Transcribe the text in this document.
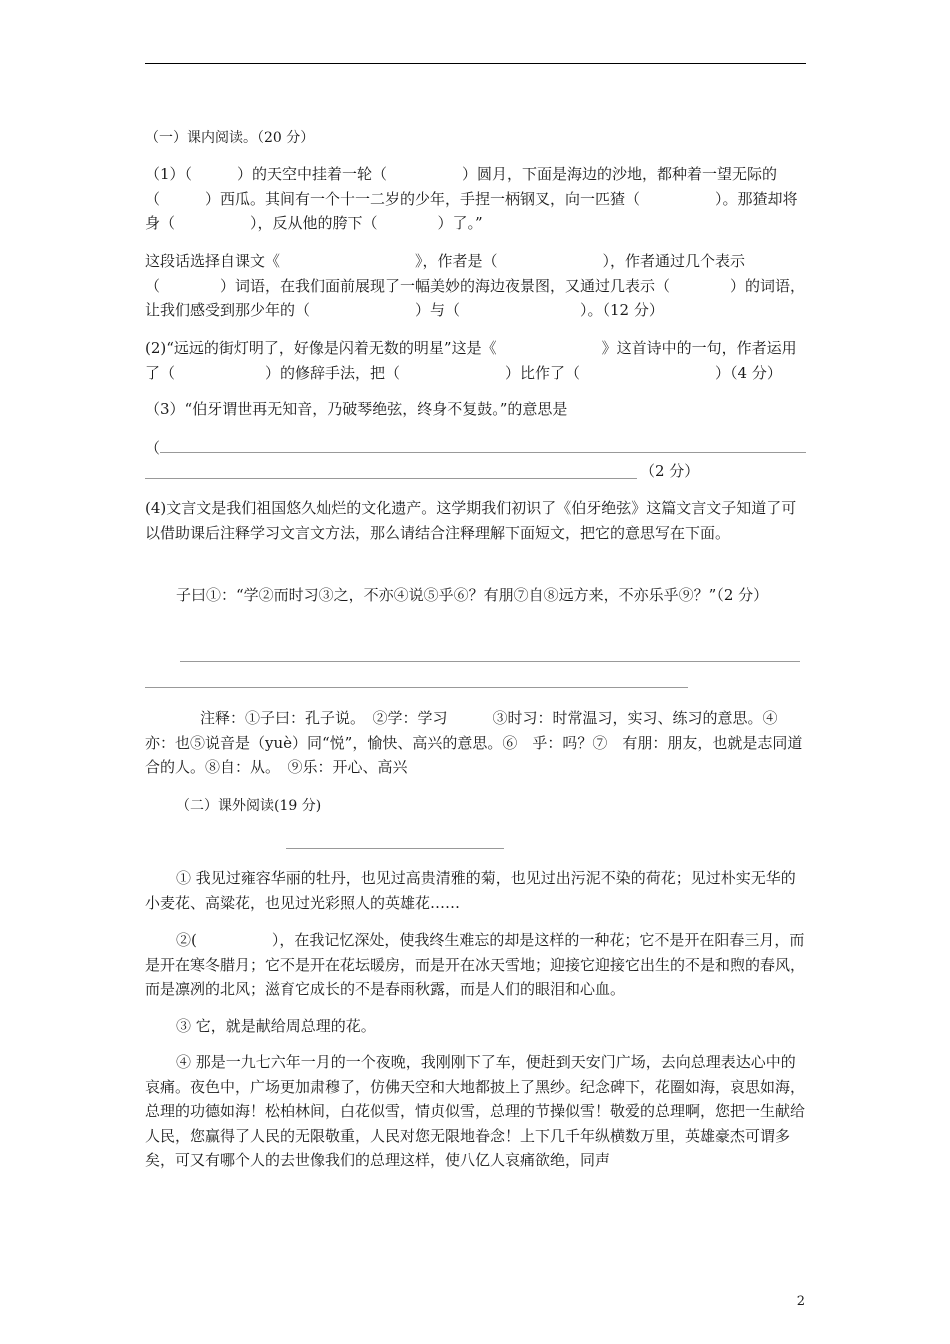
（一）课内阅读。（20 分）

（1）（　　　）的天空中挂着一轮（　　　　　）圆月，下面是海边的沙地，都种着一望无际的（　　　）西瓜。其间有一个十一二岁的少年，手捏一柄钢叉，向一匹猹（　　　　　）。那猹却将身（　　　　　），反从他的胯下（　　　　）了。”

这段话选择自课文《　　　　　　　　　》，作者是（　　　　　　　），作者通过几个表示（　　　　）词语，在我们面前展现了一幅美妙的海边夜景图，又通过几表示（　　　　）的词语，让我们感受到那少年的（　　　　　　　）与（　　　　　　　　）。（12 分）

(2)“远远的街灯明了，好像是闪着无数的明星”这是《　　　　　　　》这首诗中的一句，作者运用了（　　　　　　）的修辞手法，把（　　　　　　　）比作了（　　　　　　　　　）（4 分）

（3）“伯牙谓世再无知音，乃破琴绝弦，终身不复鼓。”的意思是

（
（2 分）

(4)文言文是我们祖国悠久灿烂的文化遗产。这学期我们初识了《伯牙绝弦》这篇文言文子知道了可以借助课后注释学习文言文方法，那么请结合注释理解下面短文，把它的意思写在下面。

子曰①：“学②而时习③之，不亦④说⑤乎⑥？有朋⑦自⑧远方来，不亦乐乎⑨？”（2 分）

注释：①子曰：孔子说。　②学：学习　　　③时习：时常温习，实习、练习的意思。④亦：也⑤说音是（yuè）同“悦”，愉快、高兴的意思。⑥　乎：吗？⑦　有朋：朋友，也就是志同道合的人。⑧自：从。　⑨乐：开心、高兴

（二）课外阅读(19 分)

① 我见过雍容华丽的牡丹，也见过高贵清雅的菊，也见过出污泥不染的荷花；见过朴实无华的小麦花、高粱花，也见过光彩照人的英雄花……

②(　　　　　），在我记忆深处，使我终生难忘的却是这样的一种花；它不是开在阳春三月，而是开在寒冬腊月；它不是开在花坛暖房，而是开在冰天雪地；迎接它迎接它出生的不是和煦的春风，而是凛冽的北风；滋育它成长的不是春雨秋露，而是人们的眼泪和心血。

③ 它，就是献给周总理的花。

④ 那是一九七六年一月的一个夜晚，我刚刚下了车，便赶到天安门广场，去向总理表达心中的哀痛。夜色中，广场更加肃穆了，仿佛天空和大地都披上了黑纱。纪念碑下，花圈如海，哀思如海，总理的功德如海！松柏林间，白花似雪，情贞似雪，总理的节操似雪！敬爱的总理啊，您把一生献给人民，您赢得了人民的无限敬重，人民对您无限地眷念！上下几千年纵横数万里，英雄豪杰可谓多矣，可又有哪个人的去世像我们的总理这样，使八亿人哀痛欲绝，同声

2
